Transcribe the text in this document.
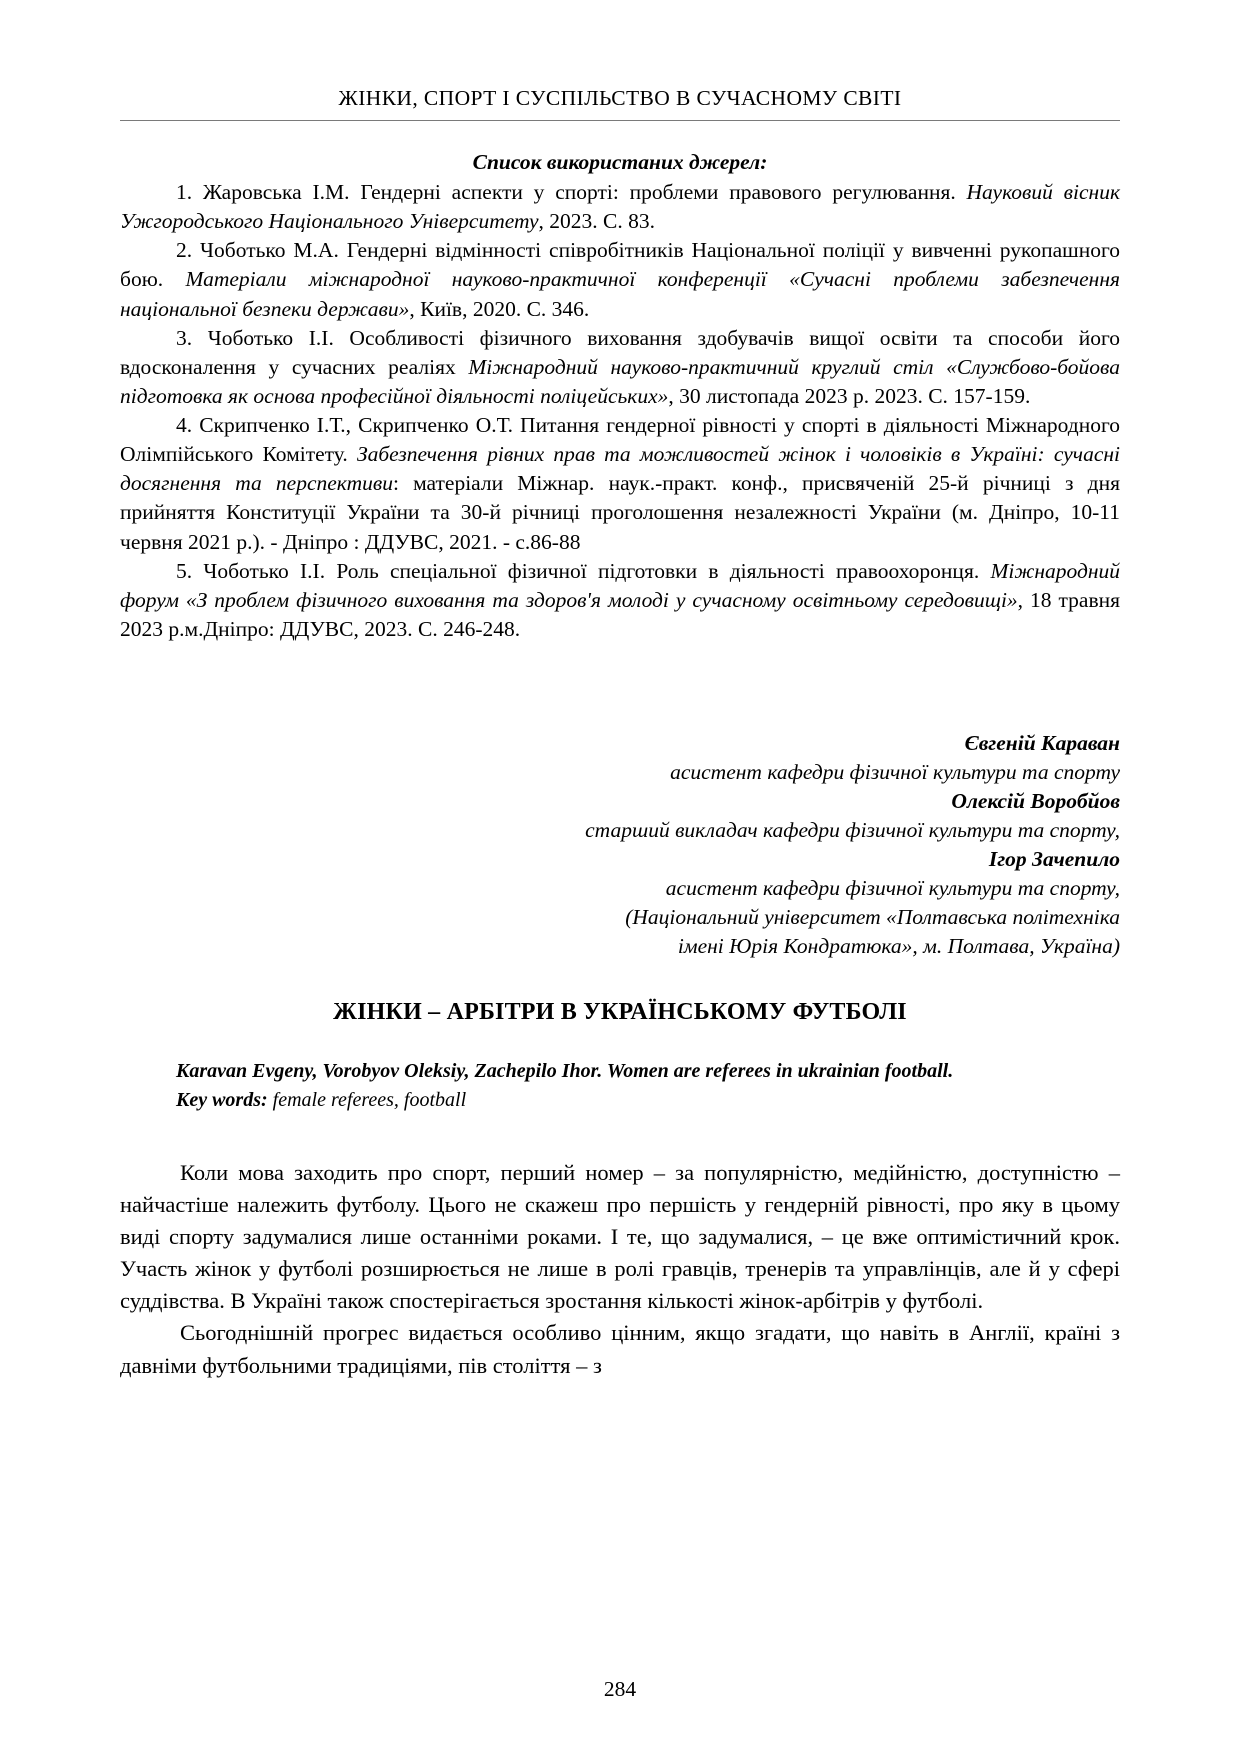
ЖІНКИ, СПОРТ І СУСПІЛЬСТВО В СУЧАСНОМУ СВІТІ
Список використаних джерел:

1. Жаровська І.М. Гендерні аспекти у спорті: проблеми правового регулювання. Науковий вісник Ужгородського Національного Університету, 2023. С. 83.

2. Чоботько М.А. Гендерні відмінності співробітників Національної поліції у вивченні рукопашного бою. Матеріали міжнародної науково-практичної конференції «Сучасні проблеми забезпечення національної безпеки держави», Київ, 2020. С. 346.

3. Чоботько І.І. Особливості фізичного виховання здобувачів вищої освіти та способи його вдосконалення у сучасних реаліях Міжнародний науково-практичний круглий стіл «Службово-бойова підготовка як основа професійної діяльності поліцейських», 30 листопада 2023 р. 2023. С. 157-159.

4. Скрипченко І.Т., Скрипченко О.Т. Питання гендерної рівності у спорті в діяльності Міжнародного Олімпійського Комітету. Забезпечення рівних прав та можливостей жінок і чоловіків в Україні: сучасні досягнення та перспективи: матеріали Міжнар. наук.-практ. конф., присвяченій 25-й річниці з дня прийняття Конституції України та 30-й річниці проголошення незалежності України (м. Дніпро, 10-11 червня 2021 р.). - Дніпро : ДДУВС, 2021. - с.86-88

5. Чоботько І.І. Роль спеціальної фізичної підготовки в діяльності правоохоронця. Міжнародний форум «З проблем фізичного виховання та здоров'я молоді у сучасному освітньому середовищі», 18 травня 2023 р.м.Дніпро: ДДУВС, 2023. С. 246-248.

Євгеній Караван
асистент кафедри фізичної культури та спорту
Олексій Воробйов
старший викладач кафедри фізичної культури та спорту,
Ігор Зачепило
асистент кафедри фізичної культури та спорту,
(Національний університет «Полтавська політехніка
імені Юрія Кондратюка», м. Полтава, Україна)
ЖІНКИ – АРБІТРИ В УКРАЇНСЬКОМУ ФУТБОЛІ

Karavan Evgeny, Vorobyov Oleksiy, Zachepilo Ihor. Women are referees in ukrainian football.

Key words: female referees, football

Коли мова заходить про спорт, перший номер – за популярністю, медійністю, доступністю – найчастіше належить футболу. Цього не скажеш про першість у гендерній рівності, про яку в цьому виді спорту задумалися лише останніми роками. І те, що задумалися, – це вже оптимістичний крок. Участь жінок у футболі розширюється не лише в ролі гравців, тренерів та управлінців, але й у сфері суддівства. В Україні також спостерігається зростання кількості жінок-арбітрів у футболі.

Сьогоднішній прогрес видається особливо цінним, якщо згадати, що навіть в Англії, країні з давніми футбольними традиціями, пів століття – з

284
